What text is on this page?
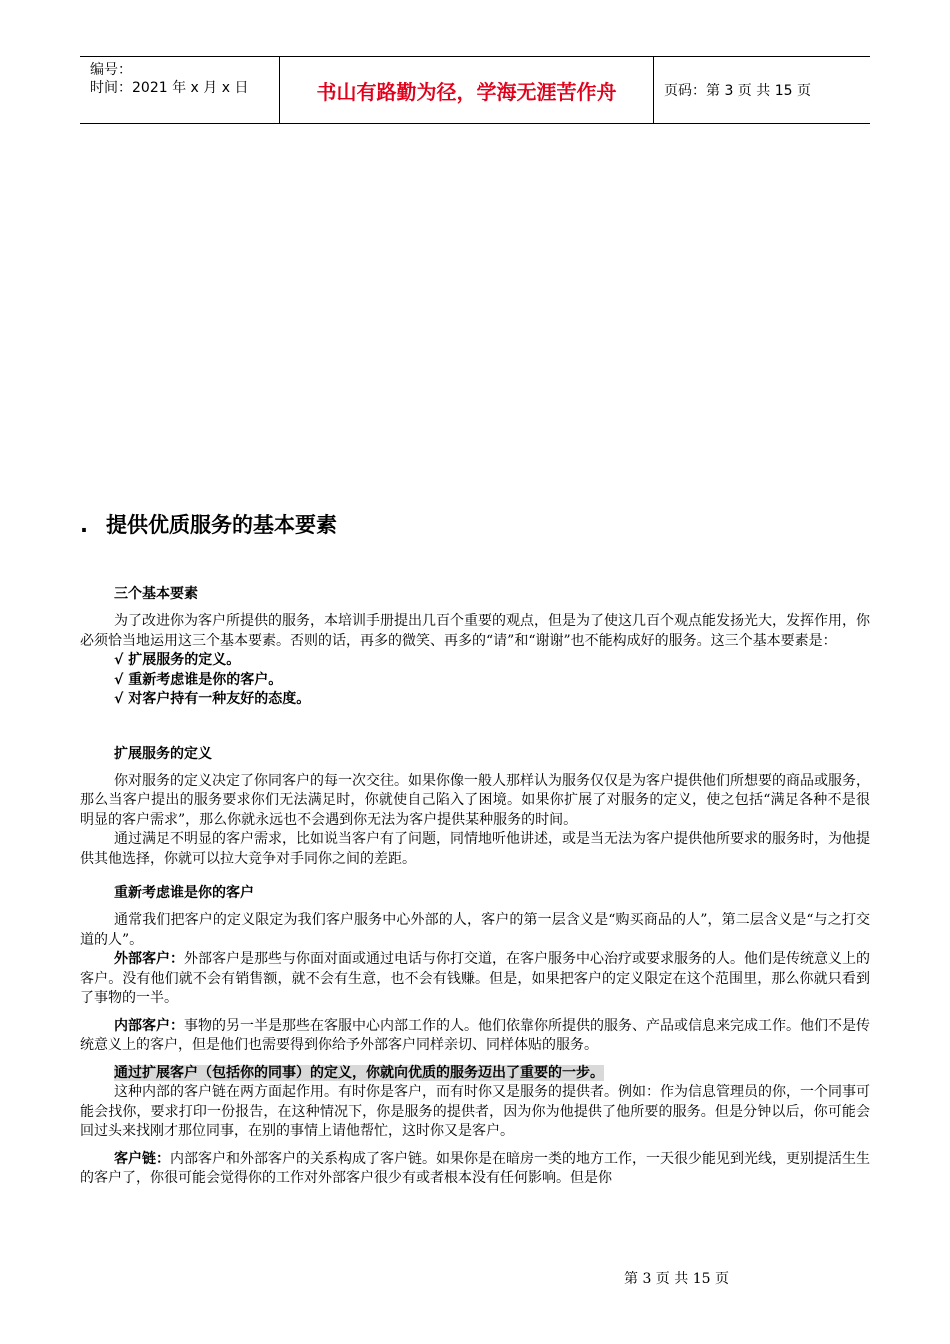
编号：
时间：2021 年 x 月 x 日	书山有路勤为径，学海无涯苦作舟	页码：第 3 页 共 15 页
. 提供优质服务的基本要素
三个基本要素

为了改进你为客户所提供的服务，本培训手册提出几百个重要的观点，但是为了使这几百个观点能发扬光大，发挥作用，你必须恰当地运用这三个基本要素。否则的话，再多的微笑、再多的“请”和“谢谢”也不能构成好的服务。这三个基本要素是：

√ 扩展服务的定义。
√ 重新考虑谁是你的客户。
√ 对客户持有一种友好的态度。
扩展服务的定义

你对服务的定义决定了你同客户的每一次交往。如果你像一般人那样认为服务仅仅是为客户提供他们所想要的商品或服务，那么当客户提出的服务要求你们无法满足时，你就使自己陷入了困境。如果你扩展了对服务的定义，使之包括“满足各种不是很明显的客户需求”，那么你就永远也不会遇到你无法为客户提供某种服务的时间。

通过满足不明显的客户需求，比如说当客户有了问题，同情地听他讲述，或是当无法为客户提供他所要求的服务时，为他提供其他选择，你就可以拉大竞争对手同你之间的差距。

重新考虑谁是你的客户

通常我们把客户的定义限定为我们客户服务中心外部的人，客户的第一层含义是“购买商品的人”，第二层含义是“与之打交道的人”。

外部客户：外部客户是那些与你面对面或通过电话与你打交道，在客户服务中心治疗或要求服务的人。他们是传统意义上的客户。没有他们就不会有销售额，就不会有生意，也不会有钱赚。但是，如果把客户的定义限定在这个范围里，那么你就只看到了事物的一半。

内部客户：事物的另一半是那些在客服中心内部工作的人。他们依靠你所提供的服务、产品或信息来完成工作。他们不是传统意义上的客户，但是他们也需要得到你给予外部客户同样亲切、同样体贴的服务。

通过扩展客户（包括你的同事）的定义，你就向优质的服务迈出了重要的一步。

这种内部的客户链在两方面起作用。有时你是客户，而有时你又是服务的提供者。例如：作为信息管理员的你，一个同事可能会找你，要求打印一份报告，在这种情况下，你是服务的提供者，因为你为他提供了他所要的服务。但是分钟以后，你可能会回过头来找刚才那位同事，在别的事情上请他帮忙，这时你又是客户。

客户链：内部客户和外部客户的关系构成了客户链。如果你是在暗房一类的地方工作，一天很少能见到光线，更别提活生生的客户了，你很可能会觉得你的工作对外部客户很少有或者根本没有任何影响。但是你

第 3 页 共 15 页
